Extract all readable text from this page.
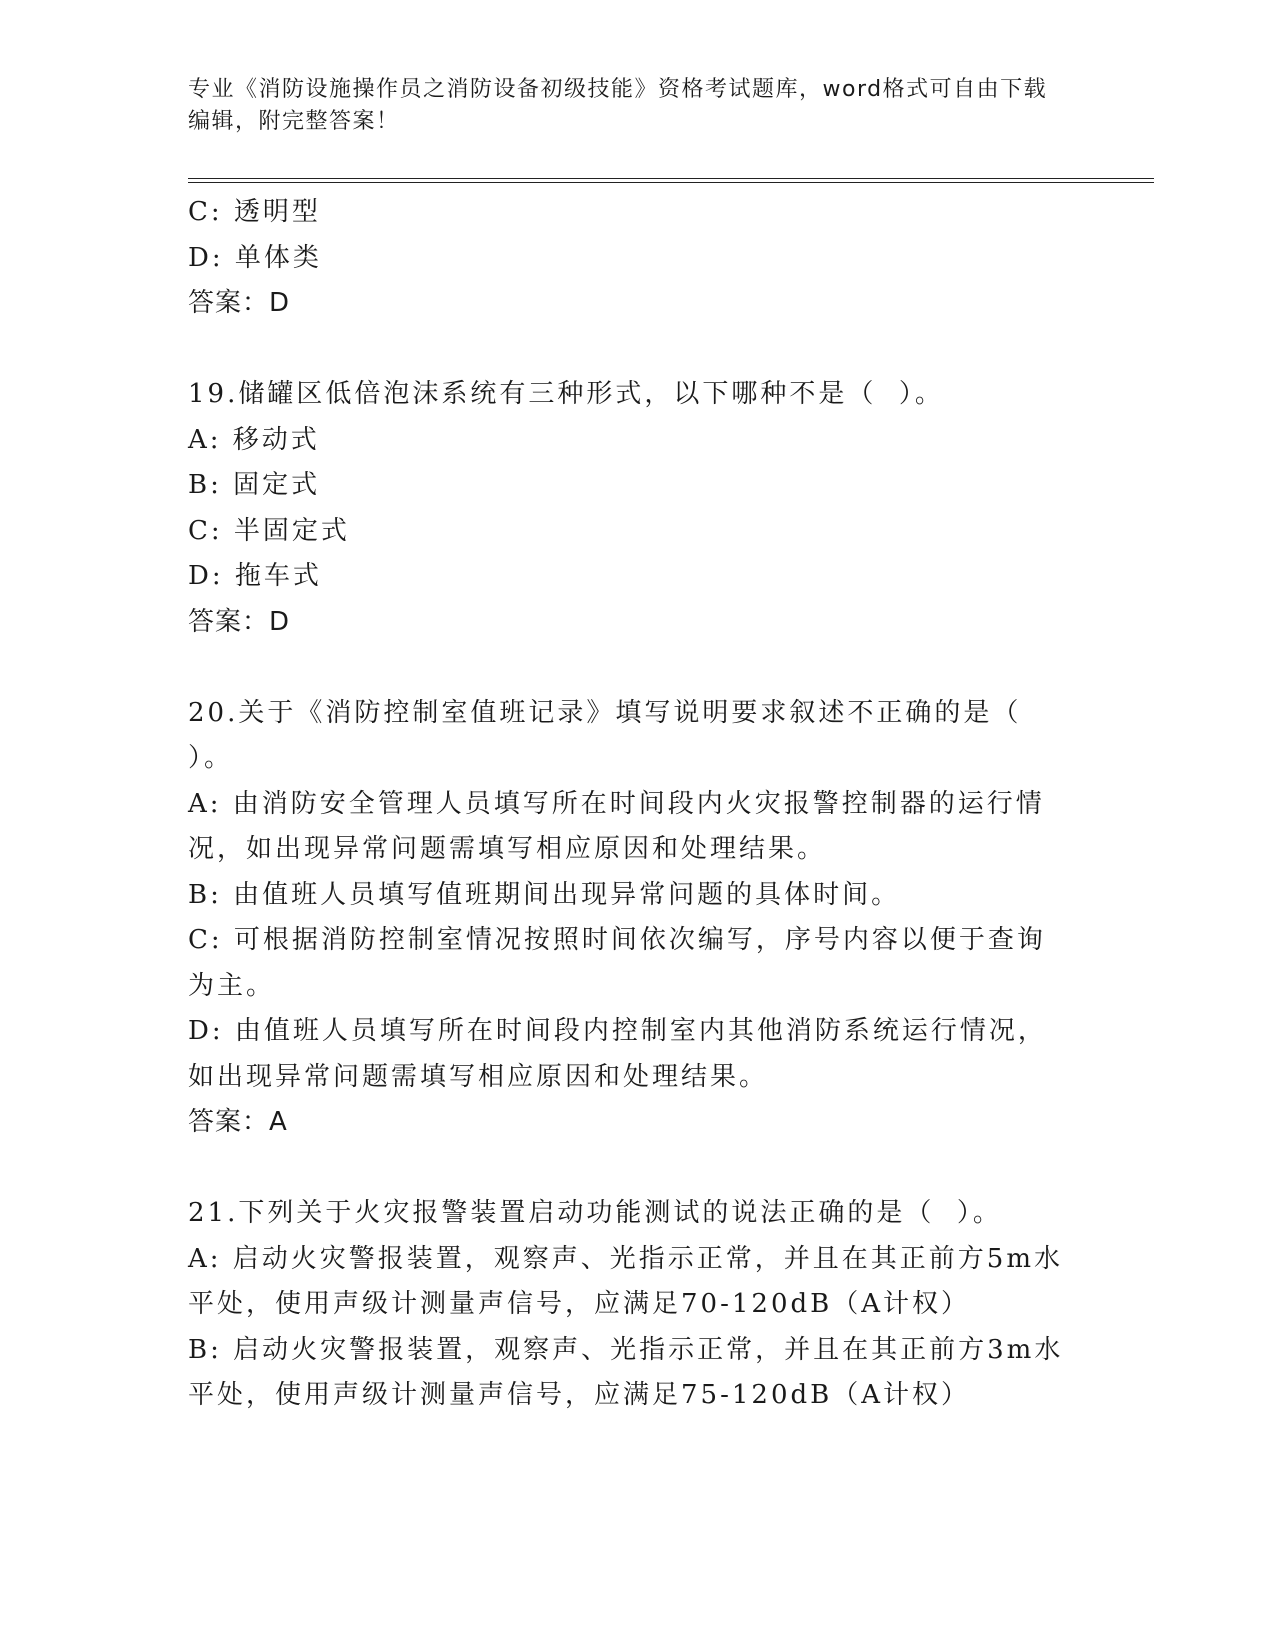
专业《消防设施操作员之消防设备初级技能》资格考试题库，word格式可自由下载编辑，附完整答案！
C: 透明型
D: 单体类
答案：D
19.储罐区低倍泡沫系统有三种形式，以下哪种不是（  ）。
A: 移动式
B: 固定式
C: 半固定式
D: 拖车式
答案：D
20.关于《消防控制室值班记录》填写说明要求叙述不正确的是（  ）。
A: 由消防安全管理人员填写所在时间段内火灾报警控制器的运行情况，如出现异常问题需填写相应原因和处理结果。
B: 由值班人员填写值班期间出现异常问题的具体时间。
C: 可根据消防控制室情况按照时间依次编写，序号内容以便于查询为主。
D: 由值班人员填写所在时间段内控制室内其他消防系统运行情况，如出现异常问题需填写相应原因和处理结果。
答案：A
21.下列关于火灾报警装置启动功能测试的说法正确的是（  ）。
A: 启动火灾警报装置，观察声、光指示正常，并且在其正前方5m水平处，使用声级计测量声信号，应满足70-120dB（A计权）
B: 启动火灾警报装置，观察声、光指示正常，并且在其正前方3m水平处，使用声级计测量声信号，应满足75-120dB（A计权）
